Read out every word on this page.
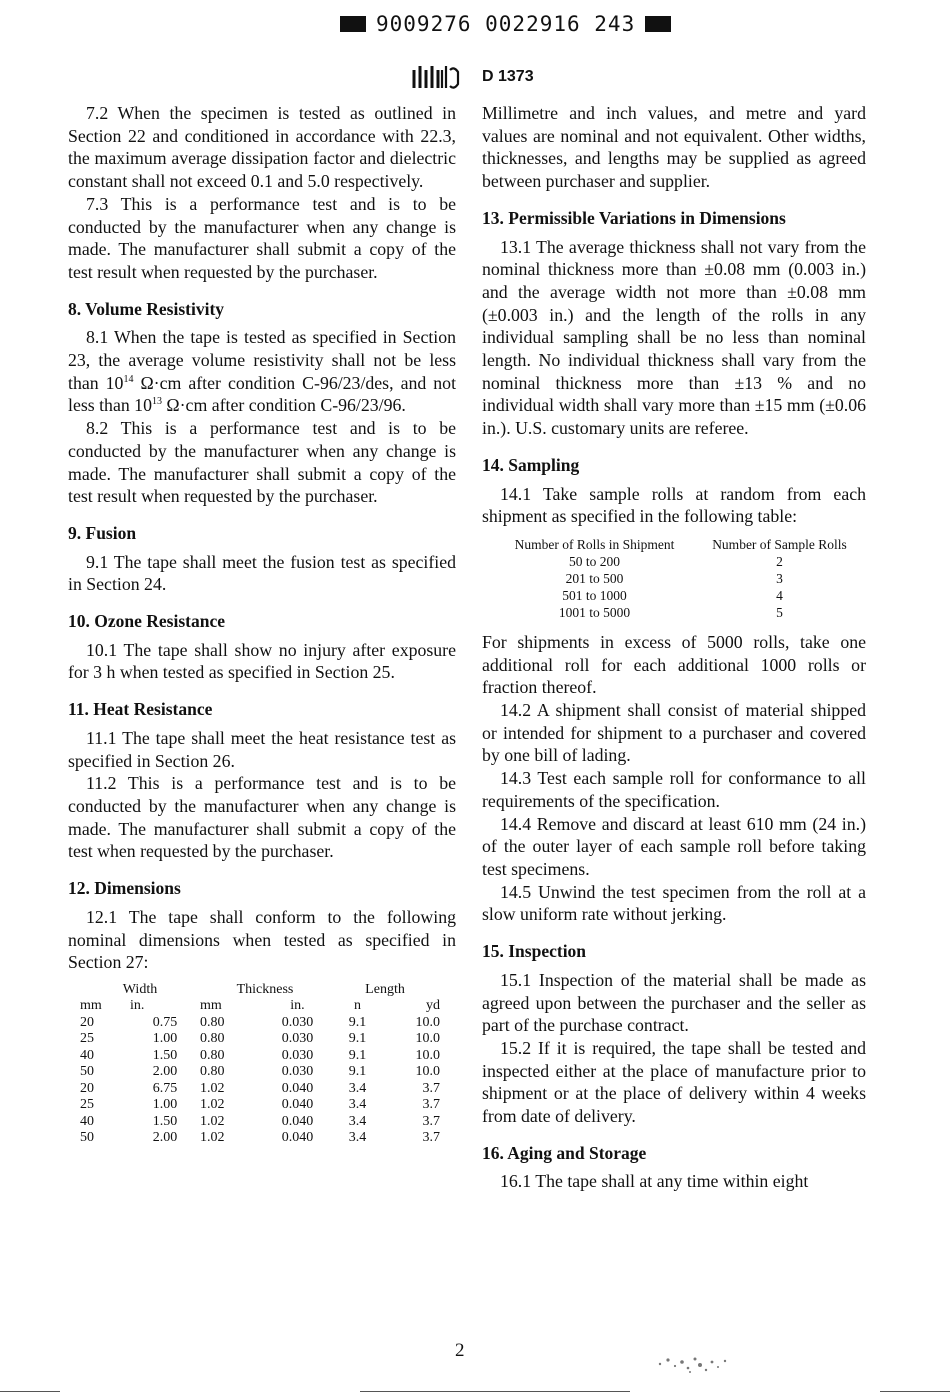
9009276 0022916 243
D 1373

7.2 When the specimen is tested as outlined in Section 22 and conditioned in accordance with 22.3, the maximum average dissipation factor and dielectric constant shall not exceed 0.1 and 5.0 respectively.

7.3 This is a performance test and is to be conducted by the manufacturer when any change is made. The manufacturer shall submit a copy of the test result when requested by the purchaser.

8. Volume Resistivity

8.1 When the tape is tested as specified in Section 23, the average volume resistivity shall not be less than $10^{14}$ Ω·cm after condition C-96/23/des, and not less than $10^{13}$ Ω·cm after condition C-96/23/96.

8.2 This is a performance test and is to be conducted by the manufacturer when any change is made. The manufacturer shall submit a copy of the test result when requested by the purchaser.

9. Fusion

9.1 The tape shall meet the fusion test as specified in Section 24.

10. Ozone Resistance

10.1 The tape shall show no injury after exposure for 3 h when tested as specified in Section 25.

11. Heat Resistance

11.1 The tape shall meet the heat resistance test as specified in Section 26.

11.2 This is a performance test and is to be conducted by the manufacturer when any change is made. The manufacturer shall submit a copy of the test when requested by the purchaser.

12. Dimensions

12.1 The tape shall conform to the following nominal dimensions when tested as specified in Section 27:

Width		Thickness		Length	
mm	in.	mm	in.	n	yd
20	0.75	0.80	0.030	9.1	10.0
25	1.00	0.80	0.030	9.1	10.0
40	1.50	0.80	0.030	9.1	10.0
50	2.00	0.80	0.030	9.1	10.0
20	6.75	1.02	0.040	3.4	3.7
25	1.00	1.02	0.040	3.4	3.7
40	1.50	1.02	0.040	3.4	3.7
50	2.00	1.02	0.040	3.4	3.7

Millimetre and inch values, and metre and yard values are nominal and not equivalent. Other widths, thicknesses, and lengths may be supplied as agreed between purchaser and supplier.

13. Permissible Variations in Dimensions

13.1 The average thickness shall not vary from the nominal thickness more than ±0.08 mm (0.003 in.) and the average width not more than ±0.08 mm (±0.003 in.) and the length of the rolls in any individual sampling shall be no less than nominal length. No individual thickness shall vary from the nominal thickness more than ±13 % and no individual width shall vary more than ±15 mm (±0.06 in.). U.S. customary units are referee.

14. Sampling

14.1 Take sample rolls at random from each shipment as specified in the following table:

Number of Rolls in Shipment	Number of Sample Rolls
50 to 200	2
201 to 500	3
501 to 1000	4
1001 to 5000	5

For shipments in excess of 5000 rolls, take one additional roll for each additional 1000 rolls or fraction thereof.

14.2 A shipment shall consist of material shipped or intended for shipment to a purchaser and covered by one bill of lading.

14.3 Test each sample roll for conformance to all requirements of the specification.

14.4 Remove and discard at least 610 mm (24 in.) of the outer layer of each sample roll before taking test specimens.

14.5 Unwind the test specimen from the roll at a slow uniform rate without jerking.

15. Inspection

15.1 Inspection of the material shall be made as agreed upon between the purchaser and the seller as part of the purchase contract.

15.2 If it is required, the tape shall be tested and inspected either at the place of manufacture prior to shipment or at the place of delivery within 4 weeks from date of delivery.

16. Aging and Storage

16.1 The tape shall at any time within eight

2
